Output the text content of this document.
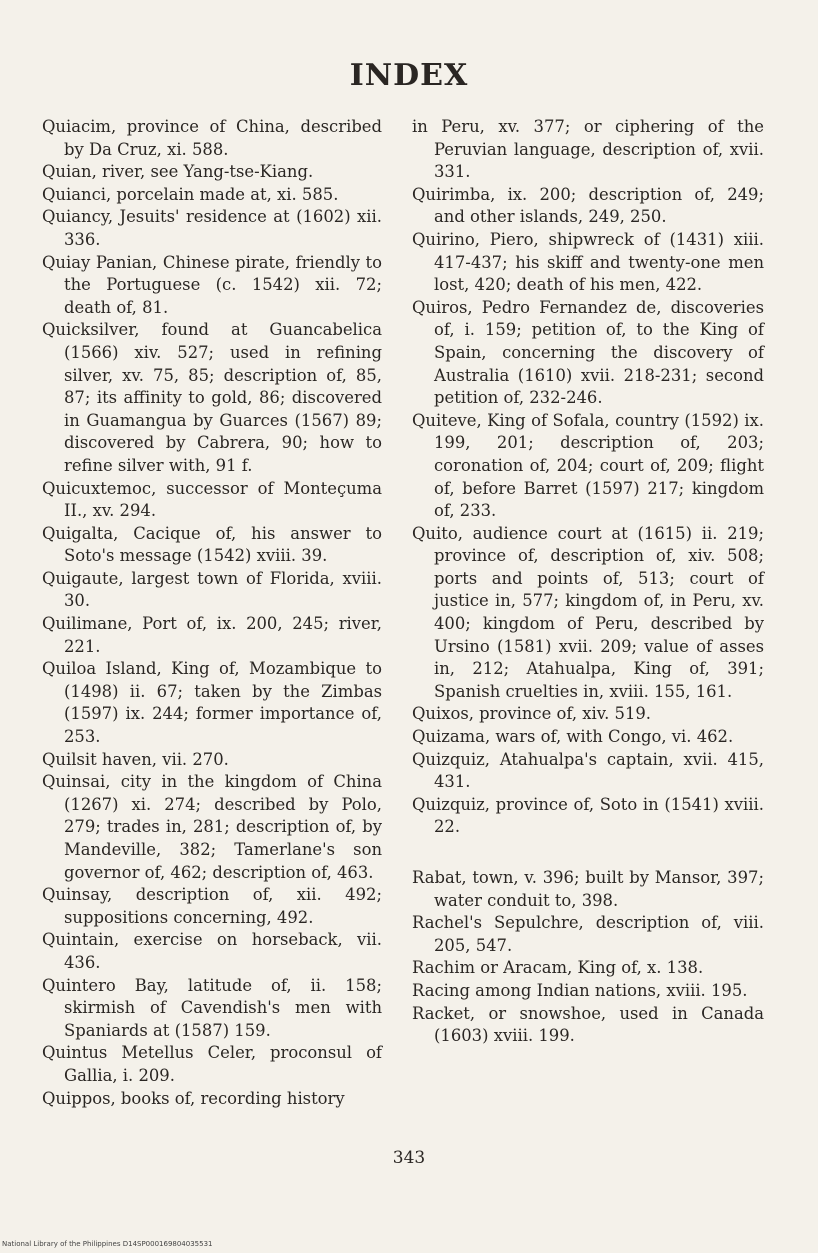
INDEX

Quiacim, province of China, described by Da Cruz, xi. 588.

Quian, river, see Yang-tse-Kiang.

Quianci, porcelain made at, xi. 585.

Quiancy, Jesuits' residence at (1602) xii. 336.

Quiay Panian, Chinese pirate, friendly to the Portuguese (c. 1542) xii. 72; death of, 81.

Quicksilver, found at Guancabelica (1566) xiv. 527; used in refining silver, xv. 75, 85; description of, 85, 87; its affinity to gold, 86; discovered in Guamangua by Guarces (1567) 89; discovered by Cabrera, 90; how to refine silver with, 91 f.

Quicuxtemoc, successor of Monteçuma II., xv. 294.

Quigalta, Cacique of, his answer to Soto's message (1542) xviii. 39.

Quigaute, largest town of Florida, xviii. 30.

Quilimane, Port of, ix. 200, 245; river, 221.

Quiloa Island, King of, Mozambique to (1498) ii. 67; taken by the Zimbas (1597) ix. 244; former importance of, 253.

Quilsit haven, vii. 270.

Quinsai, city in the kingdom of China (1267) xi. 274; described by Polo, 279; trades in, 281; description of, by Mandeville, 382; Tamerlane's son governor of, 462; description of, 463.

Quinsay, description of, xii. 492; suppositions concerning, 492.

Quintain, exercise on horseback, vii. 436.

Quintero Bay, latitude of, ii. 158; skirmish of Cavendish's men with Spaniards at (1587) 159.

Quintus Metellus Celer, proconsul of Gallia, i. 209.

Quippos, books of, recording history

in Peru, xv. 377; or ciphering of the Peruvian language, description of, xvii. 331.

Quirimba, ix. 200; description of, 249; and other islands, 249, 250.

Quirino, Piero, shipwreck of (1431) xiii. 417-437; his skiff and twenty-one men lost, 420; death of his men, 422.

Quiros, Pedro Fernandez de, discoveries of, i. 159; petition of, to the King of Spain, concerning the discovery of Australia (1610) xvii. 218-231; second petition of, 232-246.

Quiteve, King of Sofala, country (1592) ix. 199, 201; description of, 203; coronation of, 204; court of, 209; flight of, before Barret (1597) 217; kingdom of, 233.

Quito, audience court at (1615) ii. 219; province of, description of, xiv. 508; ports and points of, 513; court of justice in, 577; kingdom of, in Peru, xv. 400; kingdom of Peru, described by Ursino (1581) xvii. 209; value of asses in, 212; Atahualpa, King of, 391; Spanish cruelties in, xviii. 155, 161.

Quixos, province of, xiv. 519.

Quizama, wars of, with Congo, vi. 462.

Quizquiz, Atahualpa's captain, xvii. 415, 431.

Quizquiz, province of, Soto in (1541) xviii. 22.

Rabat, town, v. 396; built by Mansor, 397; water conduit to, 398.

Rachel's Sepulchre, description of, viii. 205, 547.

Rachim or Aracam, King of, x. 138.

Racing among Indian nations, xviii. 195.

Racket, or snowshoe, used in Canada (1603) xviii. 199.

343
National Library of the Philippines D14SP000169804035531
